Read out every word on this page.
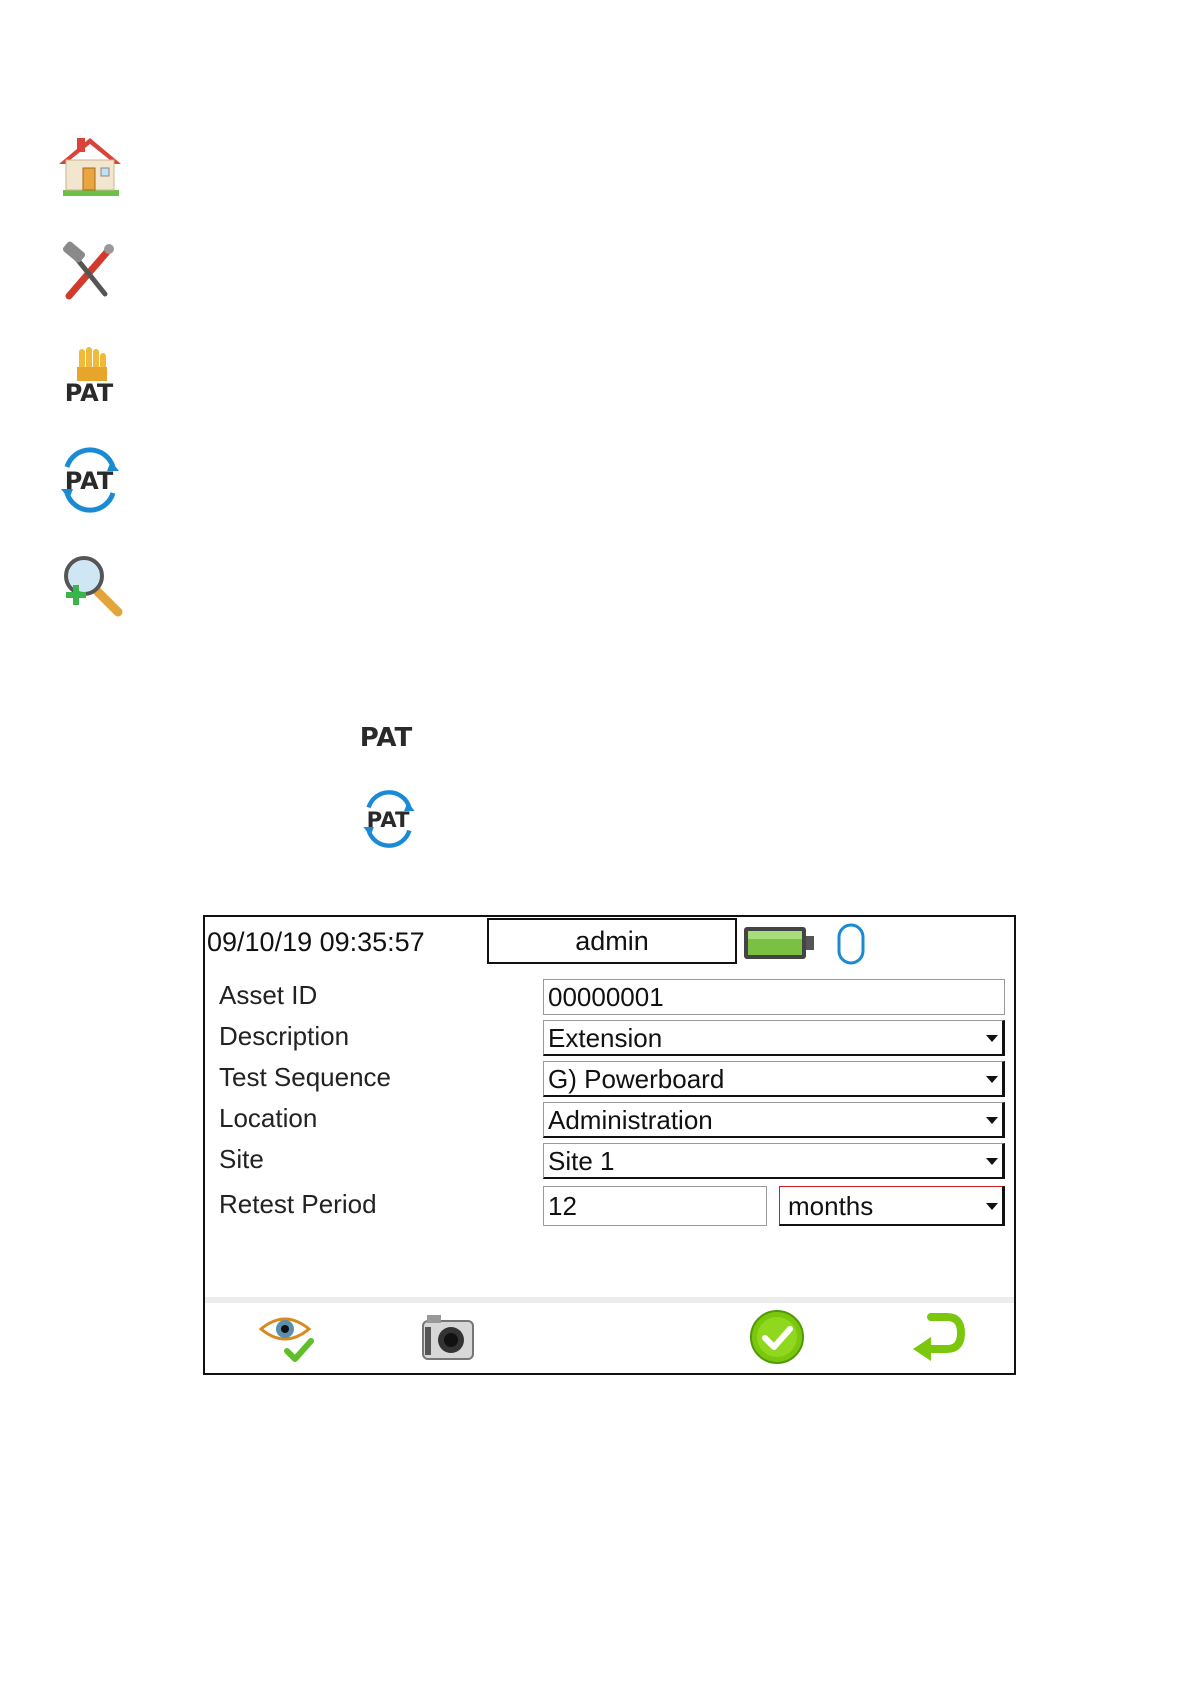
PAT
PAT
PAT
PAT
09/10/19 09:35:57	admin
Asset ID	00000001
Description	Extension
Test Sequence	G) Powerboard
Location	Administration
Site	Site 1
Retest Period	12	months
